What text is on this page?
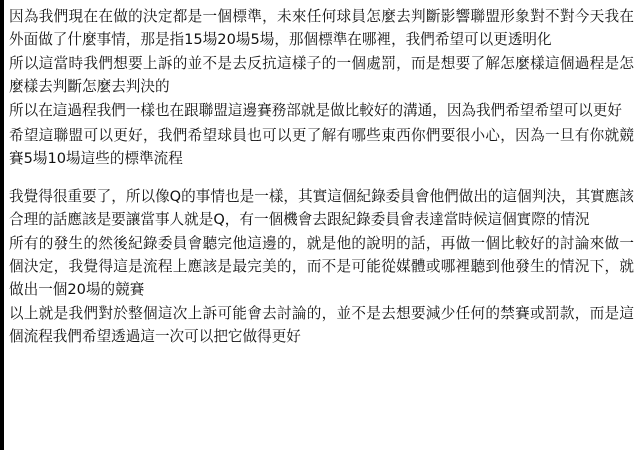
因為我們現在在做的決定都是一個標準，未來任何球員怎麼去判斷影響聯盟形象對不對今天我在外面做了什麼事情，那是指15場20場5場，那個標準在哪裡，我們希望可以更透明化

所以這當時我們想要上訴的並不是去反抗這樣子的一個處罰，而是想要了解怎麼樣這個過程是怎麼樣去判斷怎麼去判決的

所以在這過程我們一樣也在跟聯盟這邊賽務部就是做比較好的溝通，因為我們希望希望可以更好

希望這聯盟可以更好，我們希望球員也可以更了解有哪些東西你們要很小心，因為一旦有你就競賽5場10場這些的標準流程

我覺得很重要了，所以像Q的事情也是一樣，其實這個紀錄委員會他們做出的這個判決，其實應該合理的話應該是要讓當事人就是Q，有一個機會去跟紀錄委員會表達當時候這個實際的情況

所有的發生的然後紀錄委員會聽完他這邊的，就是他的說明的話，再做一個比較好的討論來做一個決定，我覺得這是流程上應該是最完美的，而不是可能從媒體或哪裡聽到他發生的情況下，就做出一個20場的競賽

以上就是我們對於整個這次上訴可能會去討論的，並不是去想要減少任何的禁賽或罰款，而是這個流程我們希望透過這一次可以把它做得更好
